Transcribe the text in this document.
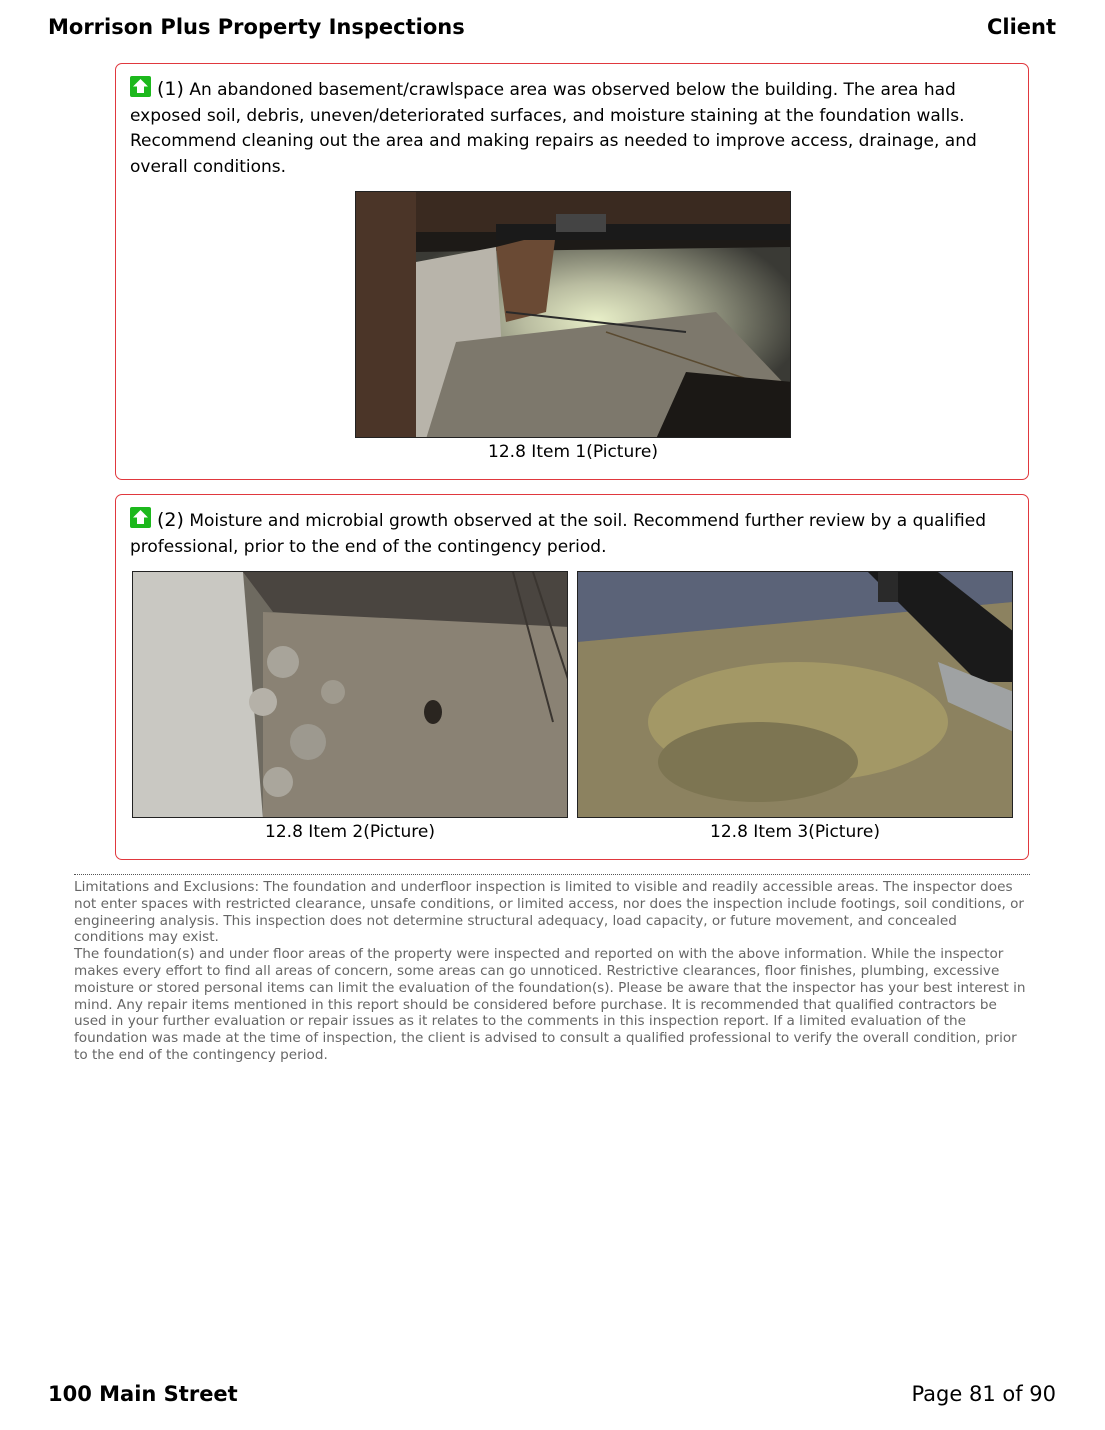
Morrison Plus Property Inspections	Client
(1) An abandoned basement/crawlspace area was observed below the building. The area had exposed soil, debris, uneven/deteriorated surfaces, and moisture staining at the foundation walls. Recommend cleaning out the area and making repairs as needed to improve access, drainage, and overall conditions.
12.8 Item 1(Picture)
(2) Moisture and microbial growth observed at the soil. Recommend further review by a qualified professional, prior to the end of the contingency period.
12.8 Item 2(Picture)	12.8 Item 3(Picture)

Limitations and Exclusions: The foundation and underfloor inspection is limited to visible and readily accessible areas. The inspector does not enter spaces with restricted clearance, unsafe conditions, or limited access, nor does the inspection include footings, soil conditions, or engineering analysis. This inspection does not determine structural adequacy, load capacity, or future movement, and concealed conditions may exist.

The foundation(s) and under floor areas of the property were inspected and reported on with the above information. While the inspector makes every effort to find all areas of concern, some areas can go unnoticed. Restrictive clearances, floor finishes, plumbing, excessive moisture or stored personal items can limit the evaluation of the foundation(s). Please be aware that the inspector has your best interest in mind. Any repair items mentioned in this report should be considered before purchase. It is recommended that qualified contractors be used in your further evaluation or repair issues as it relates to the comments in this inspection report. If a limited evaluation of the foundation was made at the time of inspection, the client is advised to consult a qualified professional to verify the overall condition, prior to the end of the contingency period.

100 Main Street	Page 81 of 90
